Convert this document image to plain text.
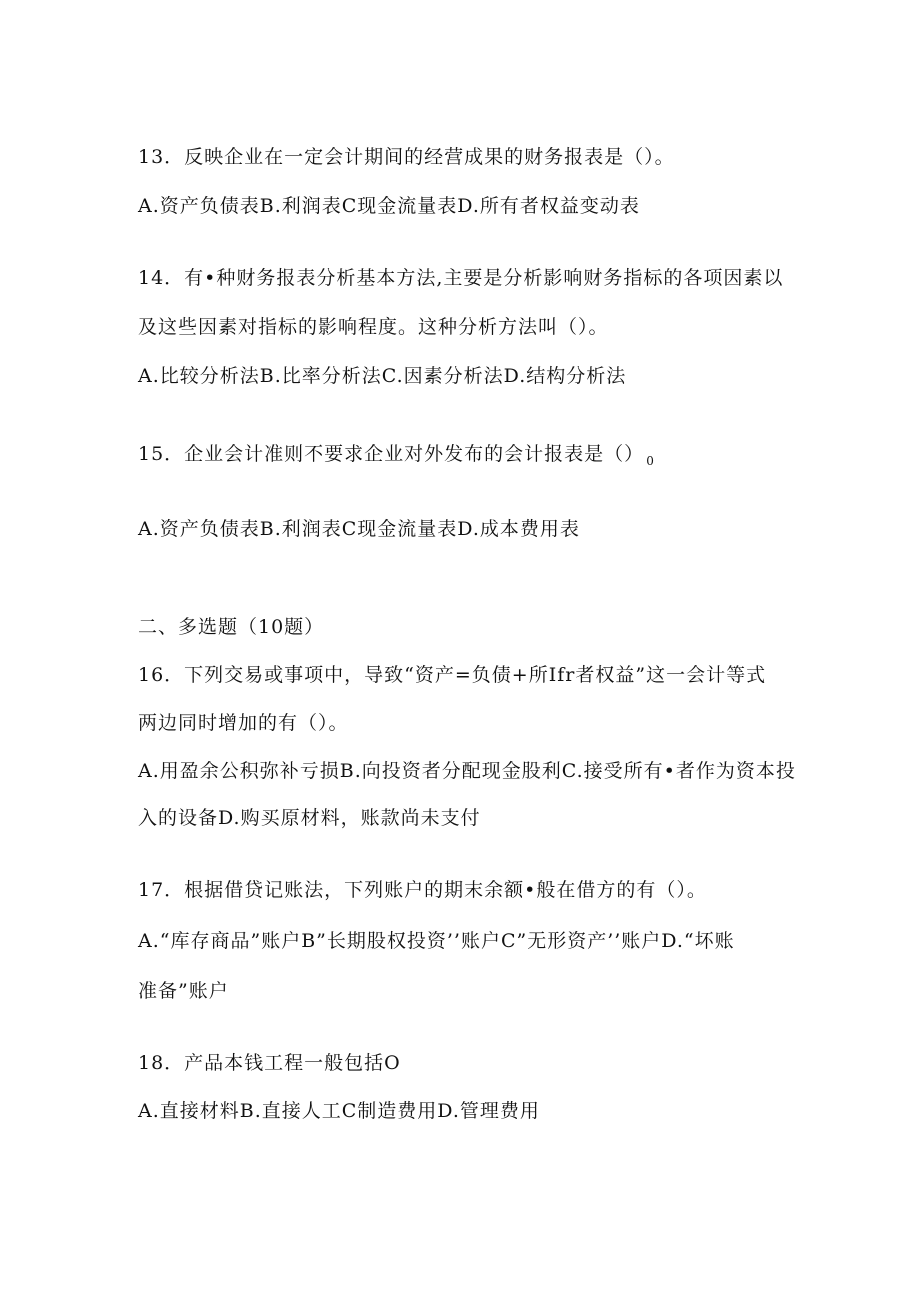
13．反映企业在一定会计期间的经营成果的财务报表是（）。
A.资产负债表B.利润表C现金流量表D.所有者权益变动表
14．有•种财务报表分析基本方法,主要是分析影响财务指标的各项因素以
及这些因素对指标的影响程度。这种分析方法叫（）。
A.比较分析法B.比率分析法C.因素分析法D.结构分析法
15．企业会计准则不要求企业对外发布的会计报表是（） $_0$
A.资产负债表B.利润表C现金流量表D.成本费用表
二、多选题（10题）
16．下列交易或事项中，导致“资产=负债+所Ifr者权益”这一会计等式
两边同时增加的有（）。
A.用盈余公积弥补亏损B.向投资者分配现金股利C.接受所有•者作为资本投
入的设备D.购买原材料，账款尚未支付
17．根据借贷记账法，下列账户的期末余额•般在借方的有（）。
A.“库存商品”账户B”长期股权投资’’账户C”无形资产’’账户D.“坏账
准备”账户
18．产品本钱工程一般包括O
A.直接材料B.直接人工C制造费用D.管理费用
